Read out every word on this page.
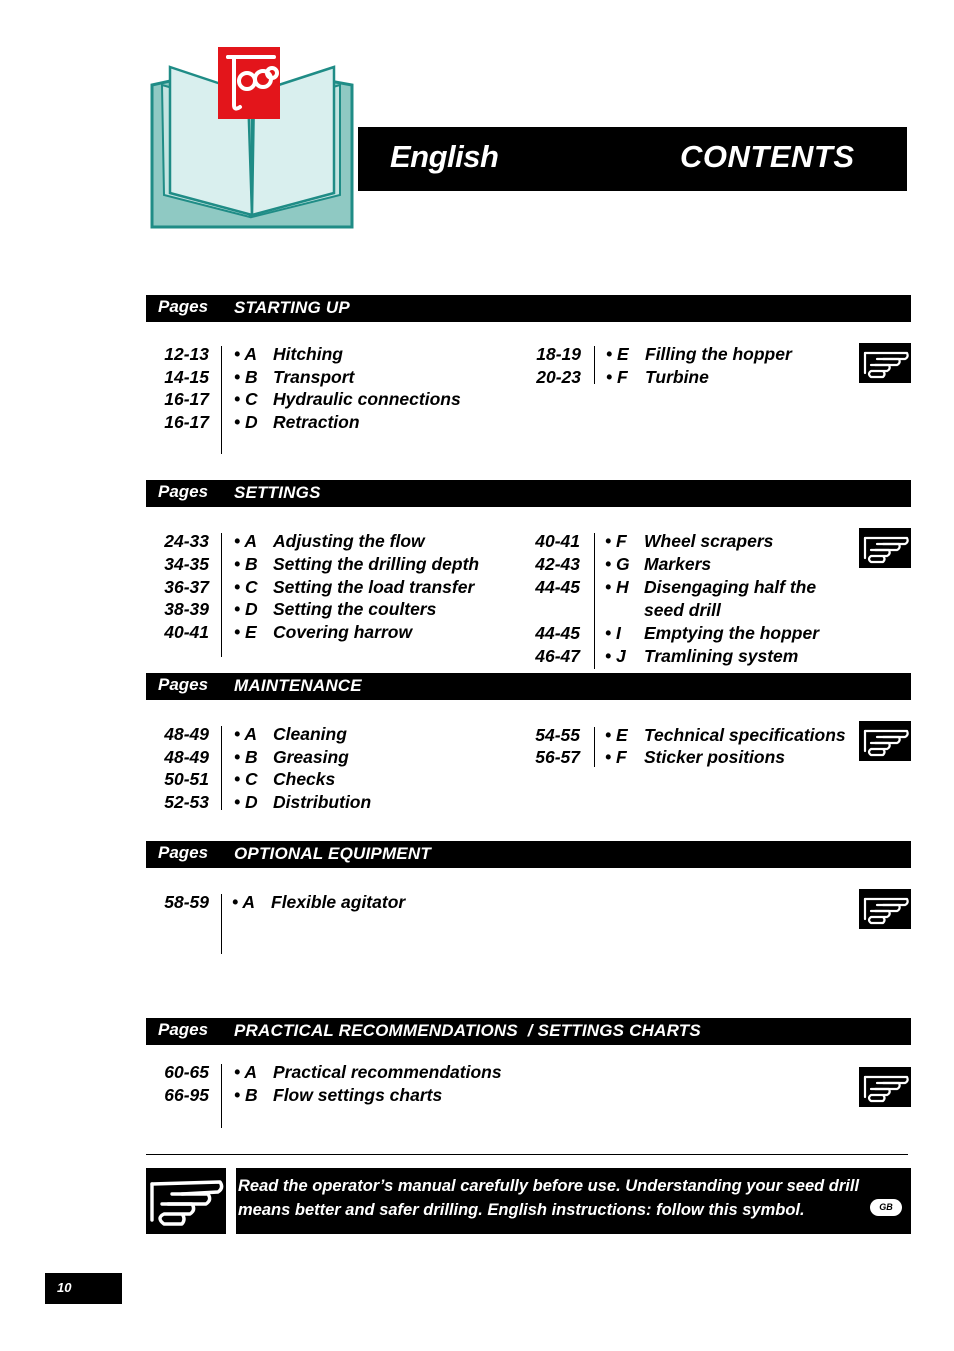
English	CONTENTS
Pages STARTING UP
12-13 • A Hitching
14-15 • B Transport
16-17 • C Hydraulic connections
16-17 • D Retraction
18-19 • E Filling the hopper
20-23 • F Turbine
Pages SETTINGS
24-33 • A Adjusting the flow
34-35 • B Setting the drilling depth
36-37 • C Setting the load transfer
38-39 • D Setting the coulters
40-41 • E Covering harrow
40-41 • F Wheel scrapers
42-43 • G Markers
44-45 • H Disengaging half the
seed drill
44-45 • I Emptying the hopper
46-47 • J Tramlining system
Pages MAINTENANCE
48-49 • A Cleaning
48-49 • B Greasing
50-51 • C Checks
52-53 • D Distribution
54-55 • E Technical specifications
56-57 • F Sticker positions
Pages OPTIONAL EQUIPMENT
58-59 • A Flexible agitator
Pages PRACTICAL RECOMMENDATIONS  / SETTINGS CHARTS
60-65 • A Practical recommendations
66-95 • B Flow settings charts
Read the operator’s manual carefully before use. Understanding your seed drill means better and safer drilling. English instructions: follow this symbol.	GB
10
